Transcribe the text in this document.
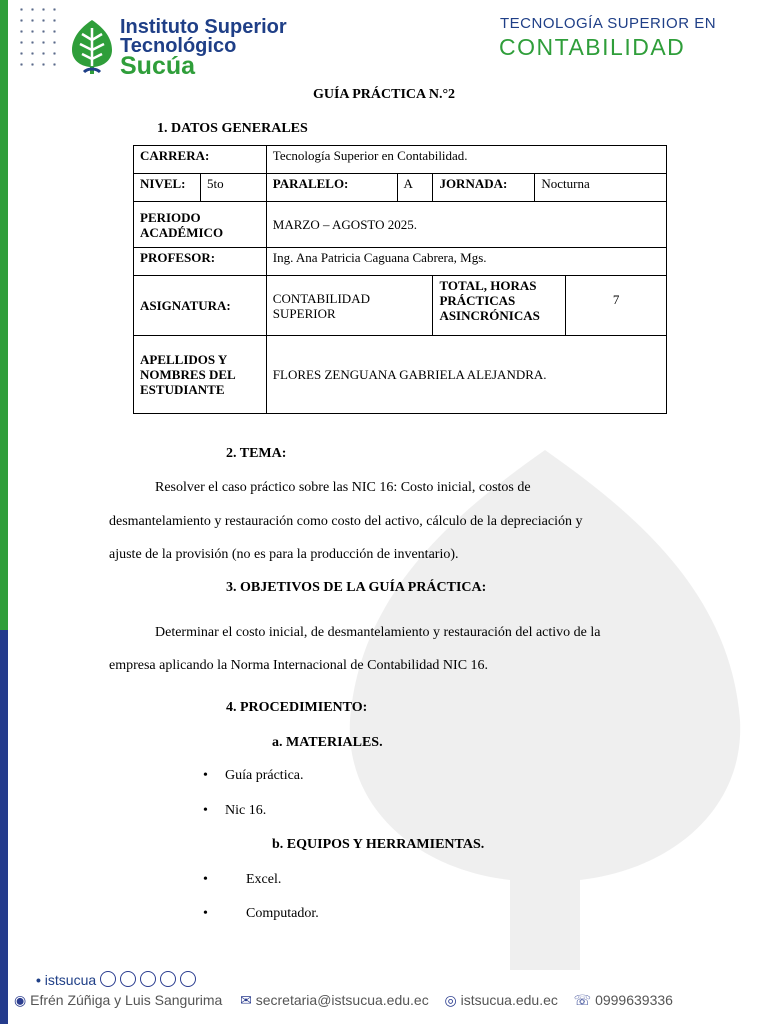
Instituto Superior
Tecnológico
Sucúa
TECNOLOGÍA SUPERIOR EN
CONTABILIDAD
GUÍA PRÁCTICA N.°2
1. DATOS GENERALES
CARRERA:		Tecnología Superior en Contabilidad.				
NIVEL:	5to	PARALELO:	A	JORNADA:	Nocturna	
PERIODO ACADÉMICO		MARZO – AGOSTO 2025.				
PROFESOR:		Ing. Ana Patricia Caguana Cabrera, Mgs.				
ASIGNATURA:		CONTABILIDAD SUPERIOR		TOTAL, HORAS PRÁCTICAS ASINCRÓNICAS		7
APELLIDOS Y NOMBRES DEL ESTUDIANTE		FLORES ZENGUANA GABRIELA ALEJANDRA.				
2. TEMA:
Resolver el caso práctico sobre las NIC 16: Costo inicial, costos de
desmantelamiento y restauración como costo del activo, cálculo de la depreciación y
ajuste de la provisión (no es para la producción de inventario).
3. OBJETIVOS DE LA GUÍA PRÁCTICA:
Determinar el costo inicial, de desmantelamiento y restauración del activo de la
empresa aplicando la Norma Internacional de Contabilidad NIC 16.
4. PROCEDIMIENTO:
a. MATERIALES.
• Guía práctica.
• Nic 16.
b. EQUIPOS Y HERRAMIENTAS.
•	Excel.
•	Computador.
• istsucua
◉ Efrén Zúñiga y Luis Sangurima ✉ secretaria@istsucua.edu.ec ◎ istsucua.edu.ec ☏ 0999639336
